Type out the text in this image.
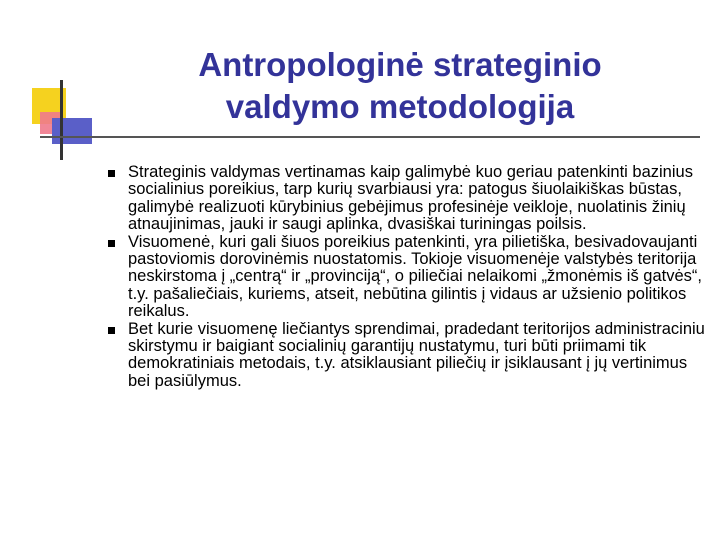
Antropologinė strateginio valdymo metodologija
Strateginis valdymas vertinamas kaip galimybė kuo geriau patenkinti bazinius socialinius poreikius, tarp kurių svarbiausi yra: patogus šiuolaikiškas būstas, galimybė realizuoti kūrybinius gebėjimus profesinėje veikloje, nuolatinis žinių atnaujinimas, jauki ir saugi aplinka, dvasiškai turiningas poilsis.
Visuomenė, kuri gali šiuos poreikius patenkinti, yra pilietiška, besivadovaujanti pastoviomis dorovinėmis nuostatomis. Tokioje visuomenėje valstybės teritorija neskirstoma į „centrą“ ir „provinciją“, o piliečiai nelaikomi „žmonėmis iš gatvės“, t.y. pašaliečiais, kuriems, atseit, nebūtina gilintis į vidaus ar užsienio politikos reikalus.
Bet kurie visuomenę liečiantys sprendimai, pradedant teritorijos administraciniu skirstymu ir baigiant socialinių garantijų nustatymu, turi būti priimami tik demokratiniais metodais, t.y. atsiklausiant piliečių ir įsiklausant į jų vertinimus bei pasiūlymus.
